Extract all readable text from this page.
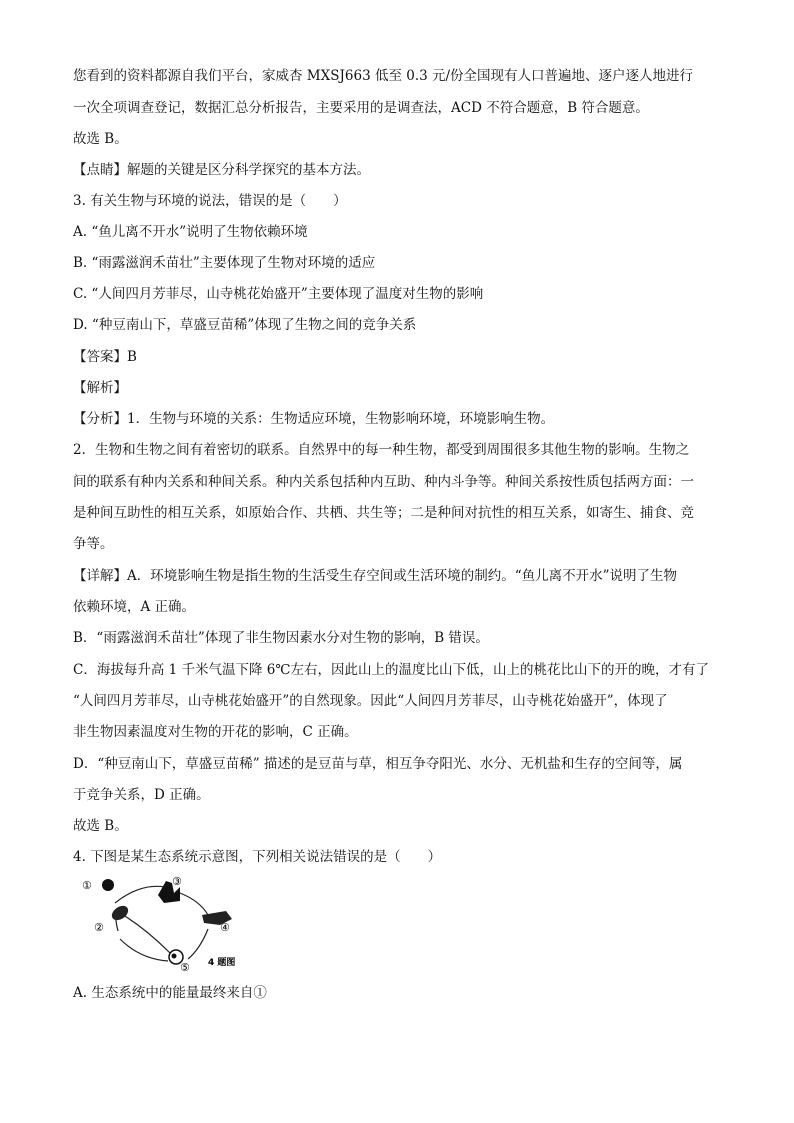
您看到的资料都源自我们平台，家威杏 MXSJ663 低至 0.3 元/份全国现有人口普遍地、逐户逐人地进行
一次全项调查登记，数据汇总分析报告，主要采用的是调查法，ACD 不符合题意，B 符合题意。
故选 B。
【点睛】解题的关键是区分科学探究的基本方法。
3. 有关生物与环境的说法，错误的是（　　）
A. “鱼儿离不开水”说明了生物依赖环境
B. “雨露滋润禾苗壮”主要体现了生物对环境的适应
C. “人间四月芳菲尽，山寺桃花始盛开”主要体现了温度对生物的影响
D. “种豆南山下，草盛豆苗稀”体现了生物之间的竞争关系
【答案】B
【解析】
【分析】1．生物与环境的关系：生物适应环境，生物影响环境，环境影响生物。
2．生物和生物之间有着密切的联系。自然界中的每一种生物，都受到周围很多其他生物的影响。生物之
间的联系有种内关系和种间关系。种内关系包括种内互助、种内斗争等。种间关系按性质包括两方面：一
是种间互助性的相互关系，如原始合作、共栖、共生等；二是种间对抗性的相互关系，如寄生、捕食、竞
争等。
【详解】A．环境影响生物是指生物的生活受生存空间或生活环境的制约。“鱼儿离不开水”说明了生物
依赖环境，A 正确。
B．“雨露滋润禾苗壮”体现了非生物因素水分对生物的影响，B 错误。
C．海拔每升高 1 千米气温下降 6℃左右，因此山上的温度比山下低，山上的桃花比山下的开的晚，才有了
“人间四月芳菲尽，山寺桃花始盛开”的自然现象。因此“人间四月芳菲尽，山寺桃花始盛开”，体现了
非生物因素温度对生物的开花的影响，C 正确。
D．“种豆南山下，草盛豆苗稀” 描述的是豆苗与草，相互争夺阳光、水分、无机盐和生存的空间等，属
于竞争关系，D 正确。
故选 B。
4. 下图是某生态系统示意图，下列相关说法错误的是（　　）
①
②
③
④
⑤ 4 题图
A. 生态系统中的能量最终来自①
